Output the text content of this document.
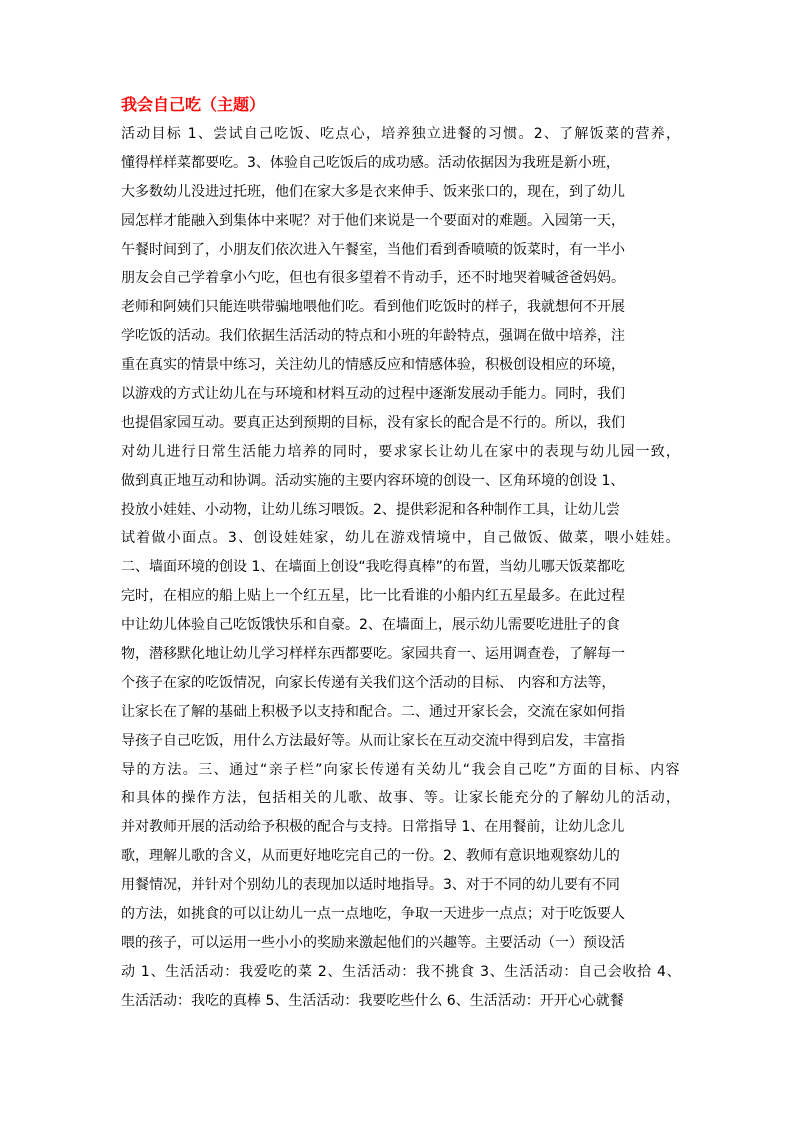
我会自己吃（主题）
活动目标 1、尝试自己吃饭、吃点心，培养独立进餐的习惯。2、了解饭菜的营养，
懂得样样菜都要吃。3、体验自己吃饭后的成功感。活动依据因为我班是新小班，
大多数幼儿没进过托班，他们在家大多是衣来伸手、饭来张口的，现在，到了幼儿
园怎样才能融入到集体中来呢？对于他们来说是一个要面对的难题。入园第一天，
午餐时间到了，小朋友们依次进入午餐室，当他们看到香喷喷的饭菜时，有一半小
朋友会自己学着拿小勺吃，但也有很多望着不肯动手，还不时地哭着喊爸爸妈妈。
老师和阿姨们只能连哄带骗地喂他们吃。看到他们吃饭时的样子，我就想何不开展
学吃饭的活动。我们依据生活活动的特点和小班的年龄特点，强调在做中培养，注
重在真实的情景中练习，关注幼儿的情感反应和情感体验，积极创设相应的环境，
以游戏的方式让幼儿在与环境和材料互动的过程中逐渐发展动手能力。同时，我们
也提倡家园互动。要真正达到预期的目标，没有家长的配合是不行的。所以，我们
对幼儿进行日常生活能力培养的同时，要求家长让幼儿在家中的表现与幼儿园一致，
做到真正地互动和协调。活动实施的主要内容环境的创设一、区角环境的创设 1、
投放小娃娃、小动物，让幼儿练习喂饭。2、提供彩泥和各种制作工具，让幼儿尝
试着做小面点。3、创设娃娃家，幼儿在游戏情境中，自己做饭、做菜，喂小娃娃。
二、墙面环境的创设 1、在墙面上创设“我吃得真棒”的布置，当幼儿哪天饭菜都吃
完时，在相应的船上贴上一个红五星，比一比看谁的小船内红五星最多。在此过程
中让幼儿体验自己吃饭饿快乐和自豪。2、在墙面上，展示幼儿需要吃进肚子的食
物，潜移默化地让幼儿学习样样东西都要吃。家园共育一、运用调查卷，了解每一
个孩子在家的吃饭情况，向家长传递有关我们这个活动的目标、 内容和方法等，
让家长在了解的基础上积极予以支持和配合。二、通过开家长会，交流在家如何指
导孩子自己吃饭，用什么方法最好等。从而让家长在互动交流中得到启发，丰富指
导的方法。三、通过“亲子栏”向家长传递有关幼儿“我会自己吃”方面的目标、内容
和具体的操作方法，包括相关的儿歌、故事、等。让家长能充分的了解幼儿的活动，
并对教师开展的活动给予积极的配合与支持。日常指导 1、在用餐前，让幼儿念儿
歌，理解儿歌的含义，从而更好地吃完自己的一份。2、教师有意识地观察幼儿的
用餐情况，并针对个别幼儿的表现加以适时地指导。3、对于不同的幼儿要有不同
的方法，如挑食的可以让幼儿一点一点地吃，争取一天进步一点点；对于吃饭要人
喂的孩子，可以运用一些小小的奖励来激起他们的兴趣等。主要活动（一）预设活
动 1、生活活动：我爱吃的菜 2、生活活动：我不挑食 3、生活活动：自己会收拾 4、
生活活动：我吃的真棒 5、生活活动：我要吃些什么 6、生活活动：开开心心就餐
